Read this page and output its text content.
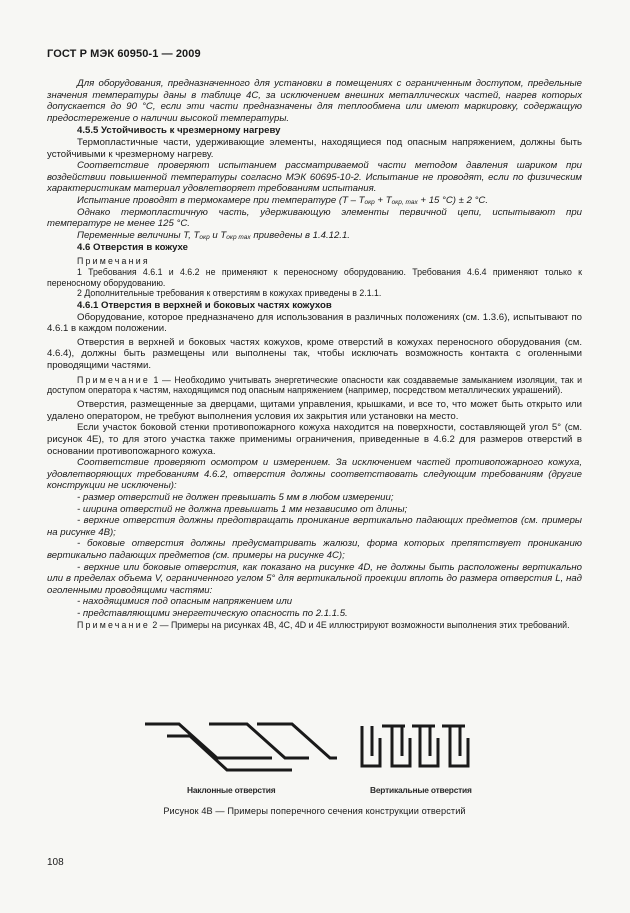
ГОСТ Р МЭК 60950-1 — 2009

Для оборудования, предназначенного для установки в помещениях с ограниченным доступом, предельные значения температуры даны в таблице 4C, за исключением внешних металлических частей, нагрев которых допускается до 90 °C, если эти части предназначены для теплообмена или имеют маркировку, содержащую предостережение о наличии высокой температуры.

4.5.5 Устойчивость к чрезмерному нагреву

Термопластичные части, удерживающие элементы, находящиеся под опасным напряжением, должны быть устойчивыми к чрезмерному нагреву.

Соответствие проверяют испытанием рассматриваемой части методом давления шариком при воздействии повышенной температуры согласно МЭК 60695-10-2. Испытание не проводят, если по физическим характеристикам материал удовлетворяет требованиям испытания.

Испытание проводят в термокамере при температуре ($T - T_{окр} + T_{окр, max} + 15$ °C) ± 2 °C.

Однако термопластичную часть, удерживающую элементы первичной цепи, испытывают при температуре не менее 125 °C.

Переменные величины T, $T_{окр}$ и $T_{окр max}$ приведены в 1.4.12.1.

4.6 Отверстия в кожухе

Примечания

1 Требования 4.6.1 и 4.6.2 не применяют к переносному оборудованию. Требования 4.6.4 применяют только к переносному оборудованию.

2 Дополнительные требования к отверстиям в кожухах приведены в 2.1.1.

4.6.1 Отверстия в верхней и боковых частях кожухов

Оборудование, которое предназначено для использования в различных положениях (см. 1.3.6), испытывают по 4.6.1 в каждом положении.

Отверстия в верхней и боковых частях кожухов, кроме отверстий в кожухах переносного оборудования (см. 4.6.4), должны быть размещены или выполнены так, чтобы исключать возможность контакта с оголенными проводящими частями.

Примечание 1 — Необходимо учитывать энергетические опасности как создаваемые замыканием изоляции, так и доступом оператора к частям, находящимся под опасным напряжением (например, посредством металлических украшений).

Отверстия, размещенные за дверцами, щитами управления, крышками, и все то, что может быть открыто или удалено оператором, не требуют выполнения условия их закрытия или установки на место.

Если участок боковой стенки противопожарного кожуха находится на поверхности, составляющей угол 5° (см. рисунок 4E), то для этого участка также применимы ограничения, приведенные в 4.6.2 для размеров отверстий в основании противопожарного кожуха.

Соответствие проверяют осмотром и измерением. За исключением частей противопожарного кожуха, удовлетворяющих требованиям 4.6.2, отверстия должны соответствовать следующим требованиям (другие конструкции не исключены):

- размер отверстий не должен превышать 5 мм в любом измерении;

- ширина отверстий не должна превышать 1 мм независимо от длины;

- верхние отверстия должны предотвращать проникание вертикально падающих предметов (см. примеры на рисунке 4B);

- боковые отверстия должны предусматривать жалюзи, форма которых препятствует прониканию вертикально падающих предметов (см. примеры на рисунке 4C);

- верхние или боковые отверстия, как показано на рисунке 4D, не должны быть расположены вертикально или в пределах объема V, ограниченного углом 5° для вертикальной проекции вплоть до размера отверстия L, над оголенными проводящими частями:

- находящимися под опасным напряжением или

- представляющими энергетическую опасность по 2.1.1.5.

Примечание 2 — Примеры на рисунках 4B, 4C, 4D и 4E иллюстрируют возможности выполнения этих требований.

Наклонные отверстия	Вертикальные отверстия
Рисунок 4B — Примеры поперечного сечения конструкции отверстий
108
